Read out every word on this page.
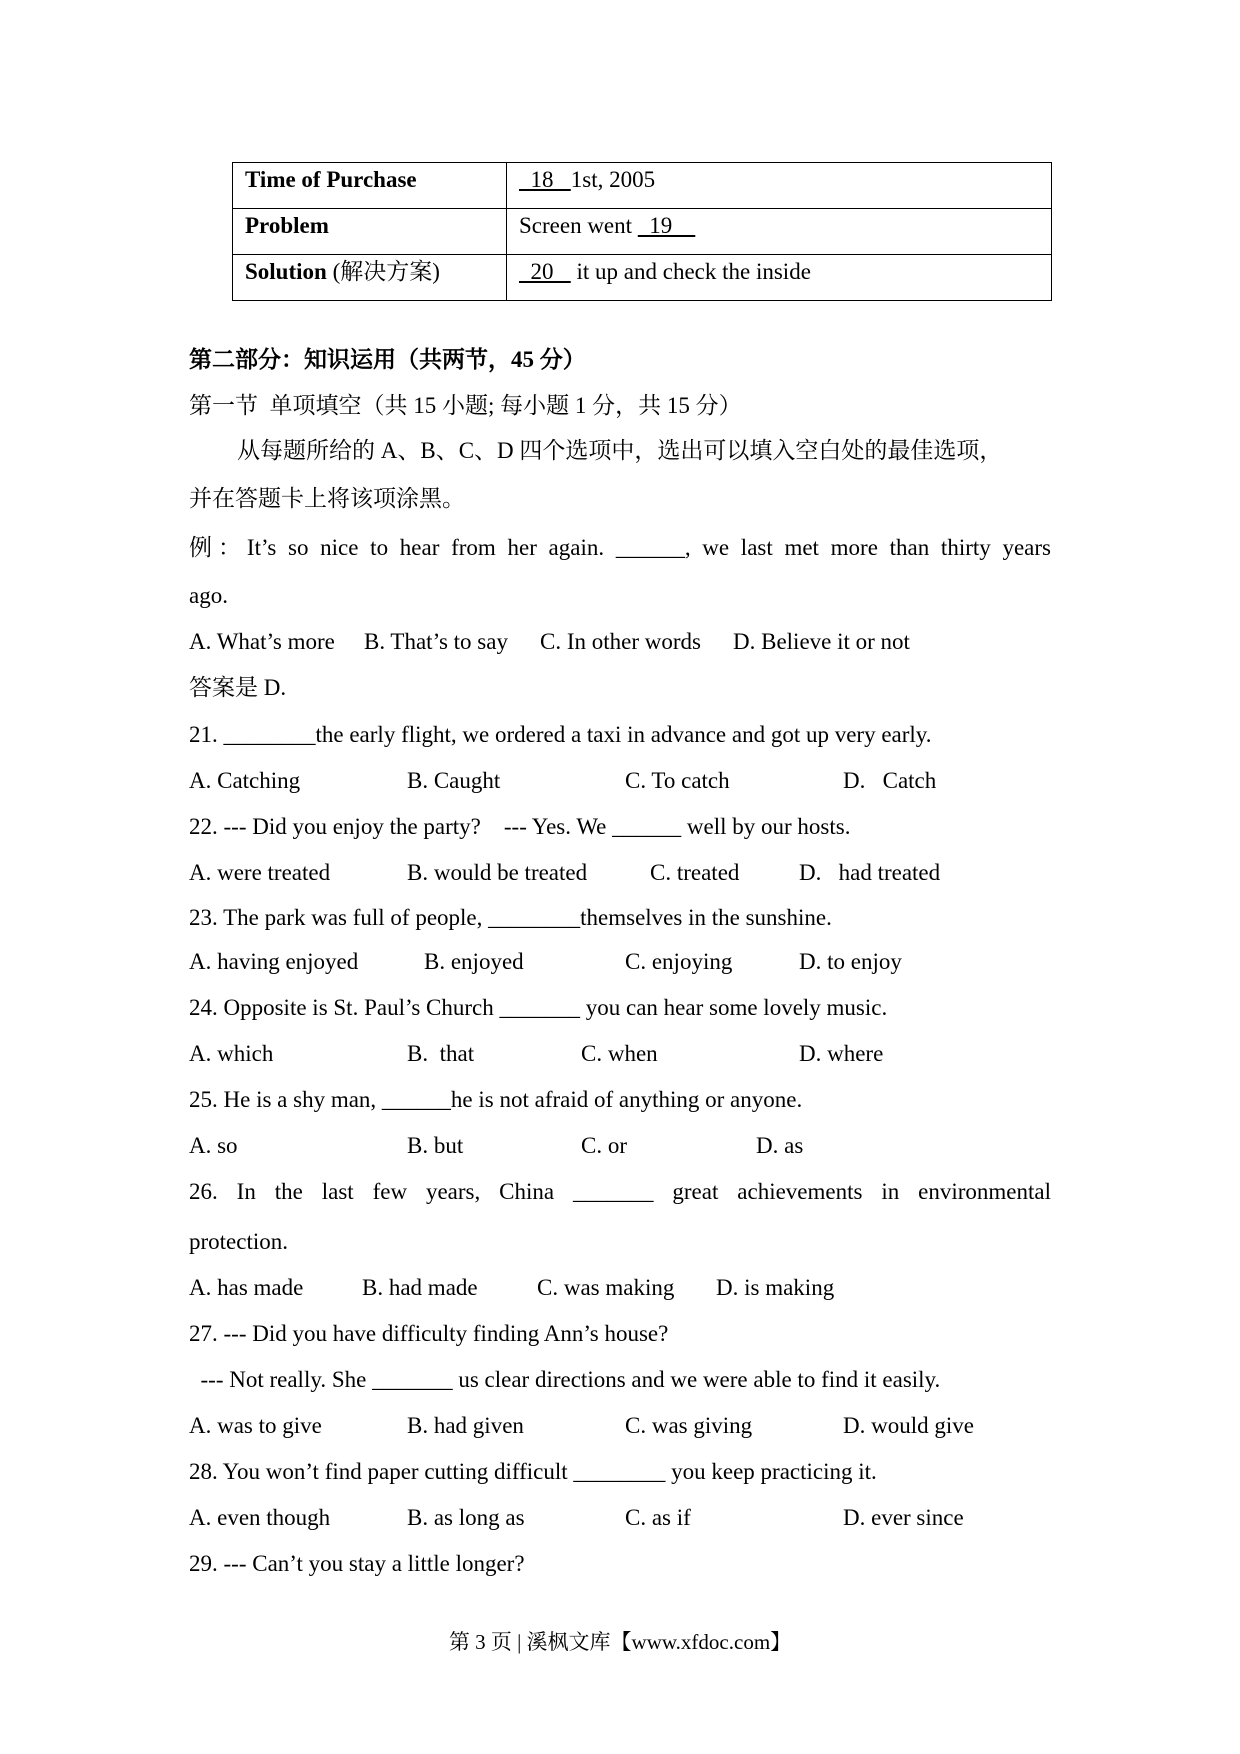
Time of Purchase	18   1st, 2005
Problem	Screen went   19
Solution (解决方案)	20    it up and check the inside
第二部分：知识运用（共两节，45 分）
第一节  单项填空（共 15 小题; 每小题 1 分，共 15 分）
从每题所给的 A、B、C、D 四个选项中，选出可以填入空白处的最佳选项，
并在答题卡上将该项涂黑。
例：It’s so nice to hear from her again. ______, we last met more than thirty years
ago.
A. What’s more B. That’s to say C. In other words D. Believe it or not
答案是 D.
21. ________the early flight, we ordered a taxi in advance and got up very early.
A. Catching	B. Caught	C. To catch	D.   Catch
22. --- Did you enjoy the party?    --- Yes. We ______ well by our hosts.
A. were treated	B. would be treated	C. treated	D.   had treated
23. The park was full of people, ________themselves in the sunshine.
A. having enjoyed	B. enjoyed	C. enjoying	D. to enjoy
24. Opposite is St. Paul’s Church _______ you can hear some lovely music.
A. which	B.  that	C. when	D. where
25. He is a shy man, ______he is not afraid of anything or anyone.
A. so	B. but	C. or	D. as
26. In the last few years, China _______ great achievements in environmental
protection.
A. has made	B. had made	C. was making D. is making
27. --- Did you have difficulty finding Ann’s house?
--- Not really. She _______ us clear directions and we were able to find it easily.
A. was to give	B. had given	C. was giving	D. would give
28. You won’t find paper cutting difficult ________ you keep practicing it.
A. even though	B. as long as	C. as if	D. ever since
29. --- Can’t you stay a little longer?
第 3 页 | 溪枫文库【www.xfdoc.com】
